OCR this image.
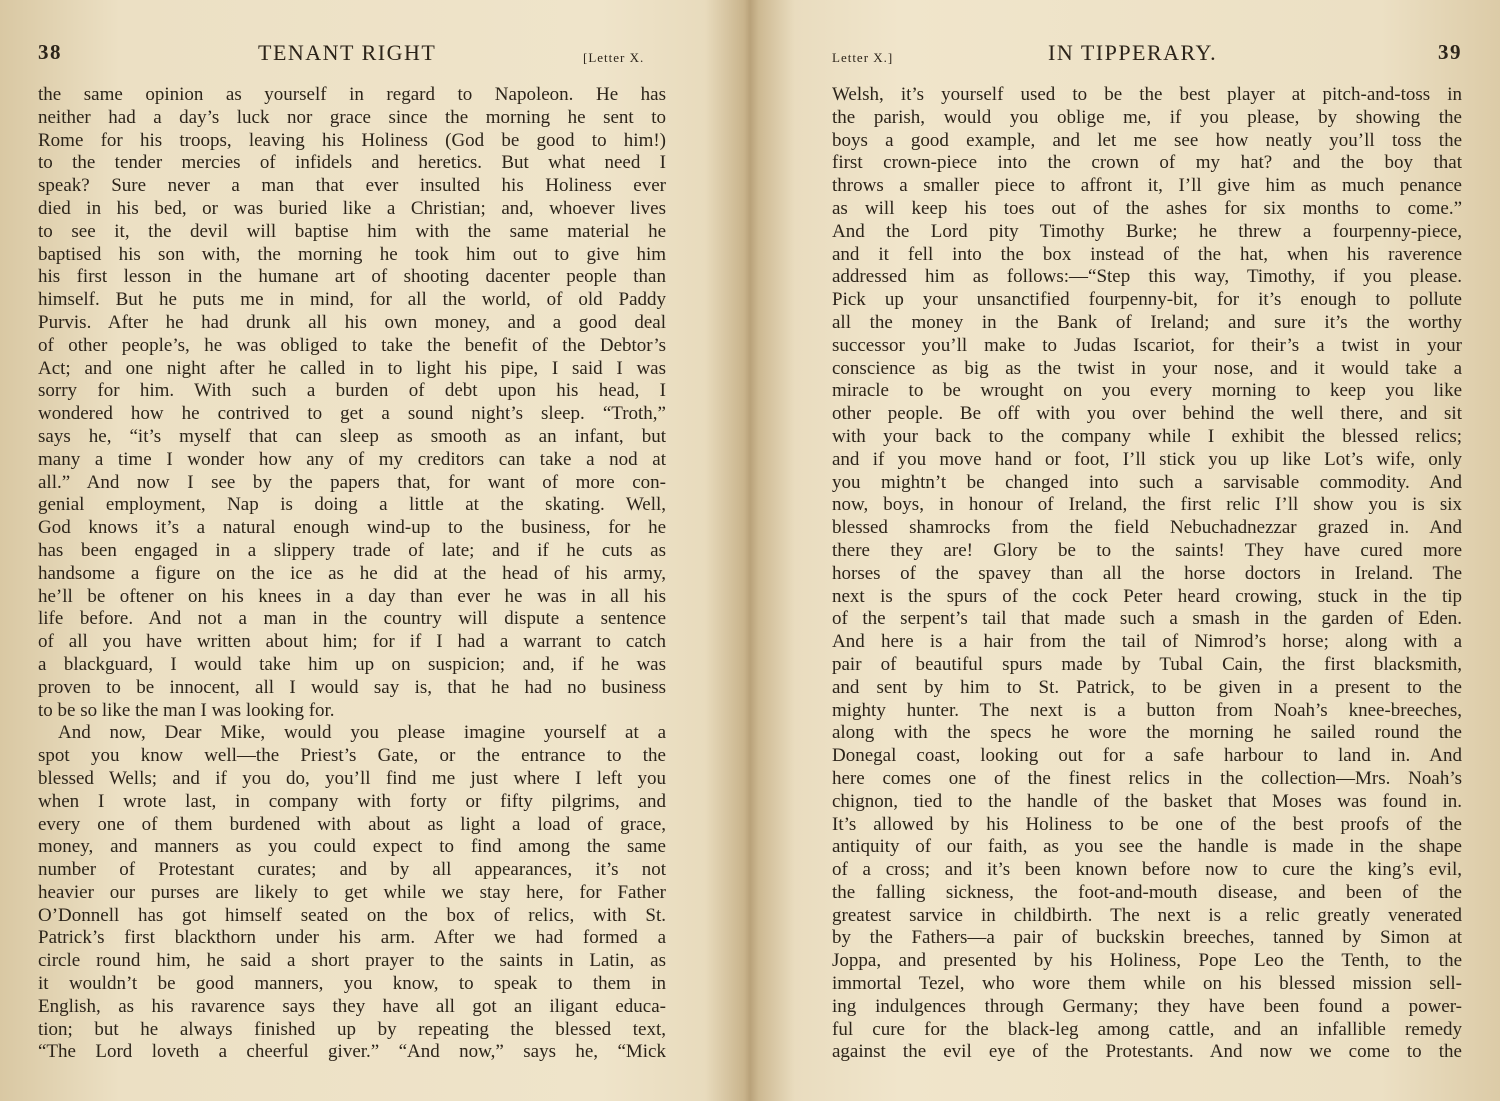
38	TENANT RIGHT	[Letter X.
the same opinion as yourself in regard to Napoleon. He has
neither had a day’s luck nor grace since the morning he sent to
Rome for his troops, leaving his Holiness (God be good to him!)
to the tender mercies of infidels and heretics. But what need I
speak? Sure never a man that ever insulted his Holiness ever
died in his bed, or was buried like a Christian; and, whoever lives
to see it, the devil will baptise him with the same material he
baptised his son with, the morning he took him out to give him
his first lesson in the humane art of shooting dacenter people than
himself. But he puts me in mind, for all the world, of old Paddy
Purvis. After he had drunk all his own money, and a good deal
of other people’s, he was obliged to take the benefit of the Debtor’s
Act; and one night after he called in to light his pipe, I said I was
sorry for him. With such a burden of debt upon his head, I
wondered how he contrived to get a sound night’s sleep. “Troth,”
says he, “it’s myself that can sleep as smooth as an infant, but
many a time I wonder how any of my creditors can take a nod at
all.” And now I see by the papers that, for want of more con-
genial employment, Nap is doing a little at the skating. Well,
God knows it’s a natural enough wind-up to the business, for he
has been engaged in a slippery trade of late; and if he cuts as
handsome a figure on the ice as he did at the head of his army,
he’ll be oftener on his knees in a day than ever he was in all his
life before. And not a man in the country will dispute a sentence
of all you have written about him; for if I had a warrant to catch
a blackguard, I would take him up on suspicion; and, if he was
proven to be innocent, all I would say is, that he had no business
to be so like the man I was looking for.
And now, Dear Mike, would you please imagine yourself at a
spot you know well—the Priest’s Gate, or the entrance to the
blessed Wells; and if you do, you’ll find me just where I left you
when I wrote last, in company with forty or fifty pilgrims, and
every one of them burdened with about as light a load of grace,
money, and manners as you could expect to find among the same
number of Protestant curates; and by all appearances, it’s not
heavier our purses are likely to get while we stay here, for Father
O’Donnell has got himself seated on the box of relics, with St.
Patrick’s first blackthorn under his arm. After we had formed a
circle round him, he said a short prayer to the saints in Latin, as
it wouldn’t be good manners, you know, to speak to them in
English, as his ravarence says they have all got an iligant educa-
tion; but he always finished up by repeating the blessed text,
“The Lord loveth a cheerful giver.” “And now,” says he, “Mick
Letter X.]	IN TIPPERARY.	39
Welsh, it’s yourself used to be the best player at pitch-and-toss in
the parish, would you oblige me, if you please, by showing the
boys a good example, and let me see how neatly you’ll toss the
first crown-piece into the crown of my hat? and the boy that
throws a smaller piece to affront it, I’ll give him as much penance
as will keep his toes out of the ashes for six months to come.”
And the Lord pity Timothy Burke; he threw a fourpenny-piece,
and it fell into the box instead of the hat, when his raverence
addressed him as follows:—“Step this way, Timothy, if you please.
Pick up your unsanctified fourpenny-bit, for it’s enough to pollute
all the money in the Bank of Ireland; and sure it’s the worthy
successor you’ll make to Judas Iscariot, for their’s a twist in your
conscience as big as the twist in your nose, and it would take a
miracle to be wrought on you every morning to keep you like
other people. Be off with you over behind the well there, and sit
with your back to the company while I exhibit the blessed relics;
and if you move hand or foot, I’ll stick you up like Lot’s wife, only
you mightn’t be changed into such a sarvisable commodity. And
now, boys, in honour of Ireland, the first relic I’ll show you is six
blessed shamrocks from the field Nebuchadnezzar grazed in. And
there they are! Glory be to the saints! They have cured more
horses of the spavey than all the horse doctors in Ireland. The
next is the spurs of the cock Peter heard crowing, stuck in the tip
of the serpent’s tail that made such a smash in the garden of Eden.
And here is a hair from the tail of Nimrod’s horse; along with a
pair of beautiful spurs made by Tubal Cain, the first blacksmith,
and sent by him to St. Patrick, to be given in a present to the
mighty hunter. The next is a button from Noah’s knee-breeches,
along with the specs he wore the morning he sailed round the
Donegal coast, looking out for a safe harbour to land in. And
here comes one of the finest relics in the collection—Mrs. Noah’s
chignon, tied to the handle of the basket that Moses was found in.
It’s allowed by his Holiness to be one of the best proofs of the
antiquity of our faith, as you see the handle is made in the shape
of a cross; and it’s been known before now to cure the king’s evil,
the falling sickness, the foot-and-mouth disease, and been of the
greatest sarvice in childbirth. The next is a relic greatly venerated
by the Fathers—a pair of buckskin breeches, tanned by Simon at
Joppa, and presented by his Holiness, Pope Leo the Tenth, to the
immortal Tezel, who wore them while on his blessed mission sell-
ing indulgences through Germany; they have been found a power-
ful cure for the black-leg among cattle, and an infallible remedy
against the evil eye of the Protestants. And now we come to the
